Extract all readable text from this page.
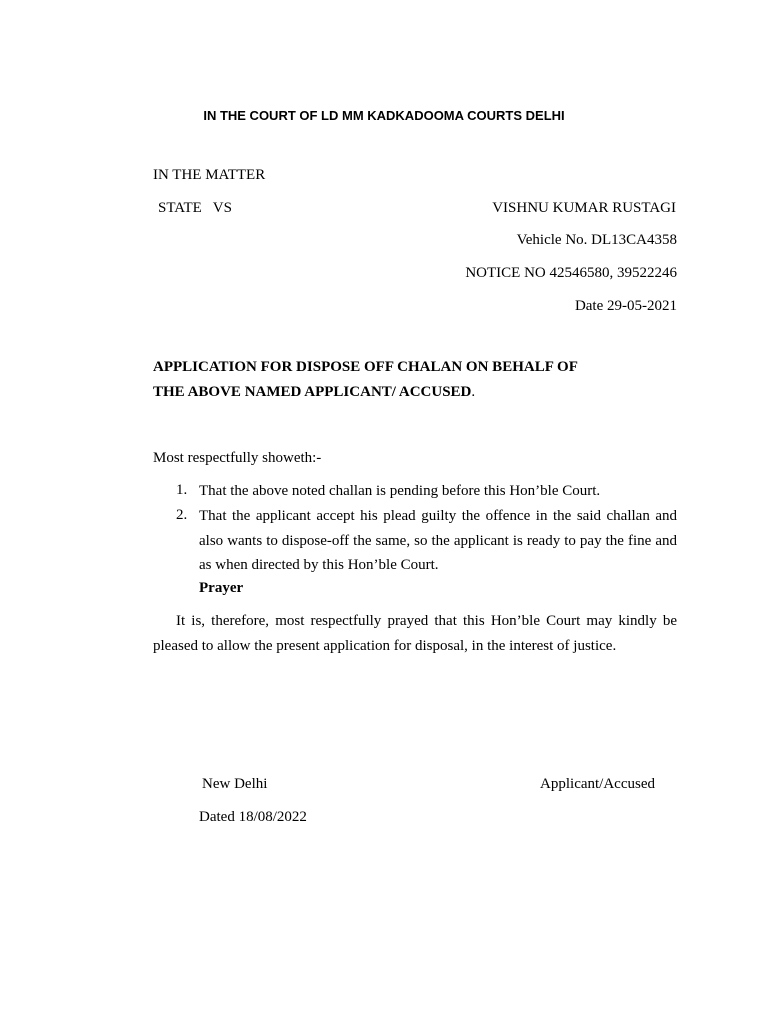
IN THE COURT OF LD MM KADKADOOMA COURTS DELHI
IN THE MATTER
STATE   VS	VISHNU KUMAR RUSTAGI
Vehicle No. DL13CA4358
NOTICE NO 42546580, 39522246
Date 29-05-2021
APPLICATION FOR DISPOSE OFF CHALAN ON BEHALF OF
THE ABOVE NAMED APPLICANT/ ACCUSED.
Most respectfully showeth:-
1. That the above noted challan is pending before this Hon’ble Court.
2. That the applicant accept his plead guilty the offence in the said challan and also wants to dispose-off the same, so the applicant is ready to pay the fine and as when directed by this Hon’ble Court.
Prayer
It is, therefore, most respectfully prayed that this Hon’ble Court may kindly be pleased to allow the present application for disposal, in the interest of justice.
New Delhi	Applicant/Accused
Dated 18/08/2022
